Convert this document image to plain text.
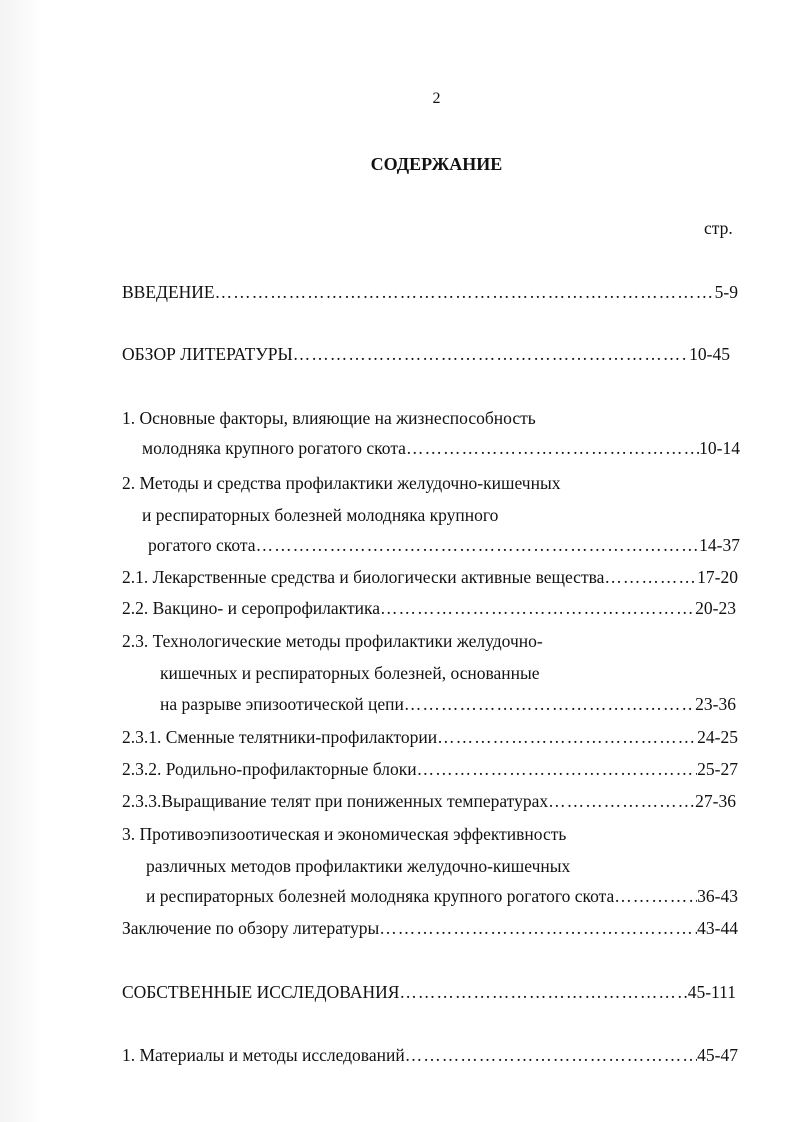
2
СОДЕРЖАНИЕ
стр.
ВВЕДЕНИЕ ……………………………………………………………………………………………………………………………………………………………………………………………………	5-9
ОБЗОР ЛИТЕРАТУРЫ ……………………………………………………………………………………………………………………………………………………………………………………………………	10-45
1. Основные факторы, влияющие на жизнеспособность
молодняка крупного рогатого скота ……………………………………………………………………………………………………………………………………………………………………………………………………	10-14
2. Методы и средства профилактики желудочно-кишечных
и респираторных болезней молодняка крупного
рогатого скота ……………………………………………………………………………………………………………………………………………………………………………………………………	14-37
2.1. Лекарственные средства и биологически активные вещества ……………………………………………………………………………………………………………………………………………………………………………………………………	17-20
2.2. Вакцино- и серопрофилактика ……………………………………………………………………………………………………………………………………………………………………………………………………	20-23
2.3. Технологические методы профилактики желудочно-
кишечных и респираторных болезней, основанные
на разрыве эпизоотической цепи ……………………………………………………………………………………………………………………………………………………………………………………………………	23-36
2.3.1. Сменные телятники-профилактории ……………………………………………………………………………………………………………………………………………………………………………………………………	24-25
2.3.2. Родильно-профилакторные блоки ……………………………………………………………………………………………………………………………………………………………………………………………………	25-27
2.3.3.Выращивание телят при пониженных температурах ……………………………………………………………………………………………………………………………………………………………………………………………………	27-36
3. Противоэпизоотическая и экономическая эффективность
различных методов профилактики желудочно-кишечных
и респираторных болезней молодняка крупного рогатого скота ……………………………………………………………………………………………………………………………………………………………………………………………………	36-43
Заключение по обзору литературы ……………………………………………………………………………………………………………………………………………………………………………………………………	43-44
СОБСТВЕННЫЕ ИССЛЕДОВАНИЯ ……………………………………………………………………………………………………………………………………………………………………………………………………	45-111
1. Материалы и методы исследований ……………………………………………………………………………………………………………………………………………………………………………………………………	45-47
